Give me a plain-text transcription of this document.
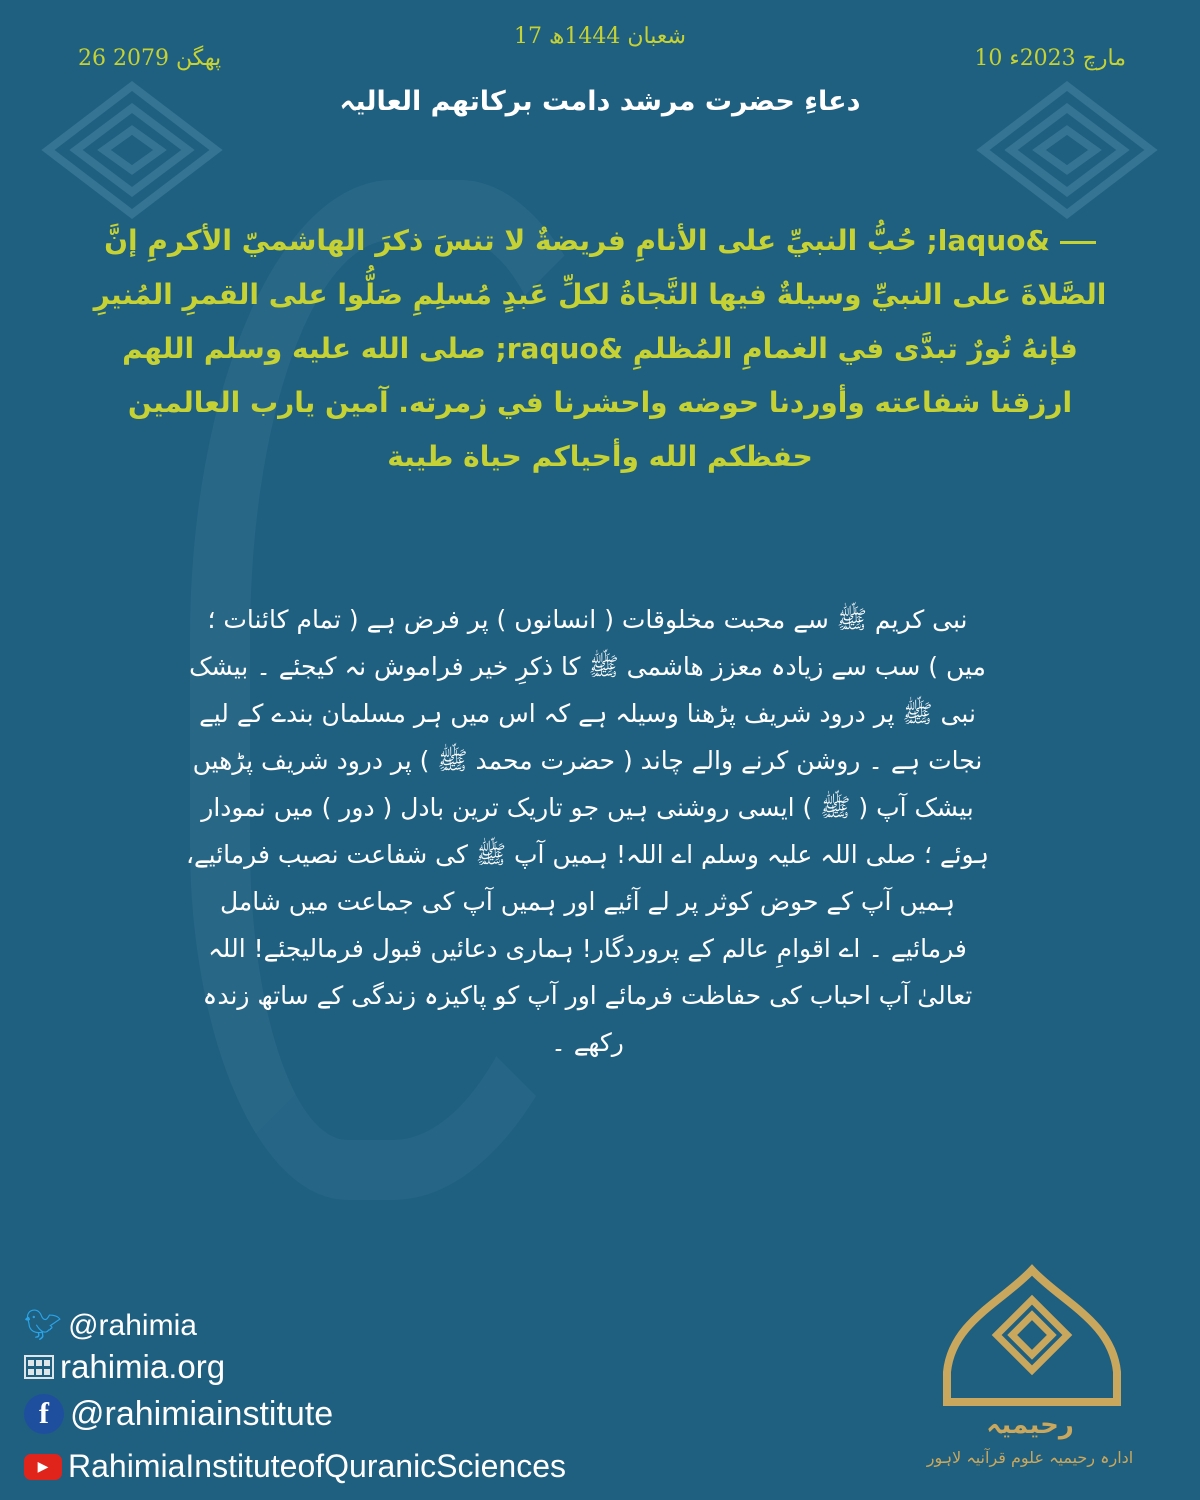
10 مارچ 2023ء
17 شعبان 1444ھ
26 پھگن 2079
دعاءِ حضرت مرشد دامت برکاتھم العالیہ
&laquo; حُبُّ النبيِّ على الأنامِ فريضةٌ لا تنسَ ذكرَ الهاشميّ الأكرمِ إنَّ الصَّلاةَ على النبيِّ وسيلةٌ فيها النَّجاةُ لكلِّ عَبدٍ مُسلِمِ صَلُّوا على القمرِ المُنيرِ فإنهُ نُورٌ تبدَّى في الغمامِ المُظلمِ &raquo; صلى الله عليه وسلم اللهم ارزقنا شفاعته وأوردنا حوضه واحشرنا في زمرته. آمين يارب العالمين حفظكم الله وأحياكم حياة طيبة
نبی کریم ﷺ سے محبت مخلوقات ( انسانوں ) پر فرض ہے ( تمام کائنات ؛ میں ) سب سے زیادہ معزز ھاشمی ﷺ کا ذکرِ خیر فراموش نہ کیجئے ۔ بیشک نبی ﷺ پر درود شریف پڑھنا وسیلہ ہے کہ اس میں ہر مسلمان بندے کے لیے نجات ہے ۔ روشن کرنے والے چاند ( حضرت محمد ﷺ ) پر درود شریف پڑھیں بیشک آپ ( ﷺ ) ایسی روشنی ہیں جو تاریک ترین بادل ( دور ) میں نمودار ہوئے ؛ صلی اللہ علیہ وسلم اے اللہ! ہمیں آپ ﷺ کی شفاعت نصیب فرمائیے، ہمیں آپ کے حوض کوثر پر لے آئیے اور ہمیں آپ کی جماعت میں شامل فرمائیے ۔ اے اقوامِ عالم کے پروردگار! ہماری دعائیں قبول فرمالیجئے! اللہ تعالیٰ آپ احباب کی حفاظت فرمائے اور آپ کو پاکیزہ زندگی کے ساتھ زندہ رکھے ۔
🐦︎ @rahimia
rahimia.org
f @rahimiainstitute
▶ RahimiaInstituteofQuranicSciences
رحیمیہ
ادارہ رحیمیہ علوم قرآنیہ لاہور
